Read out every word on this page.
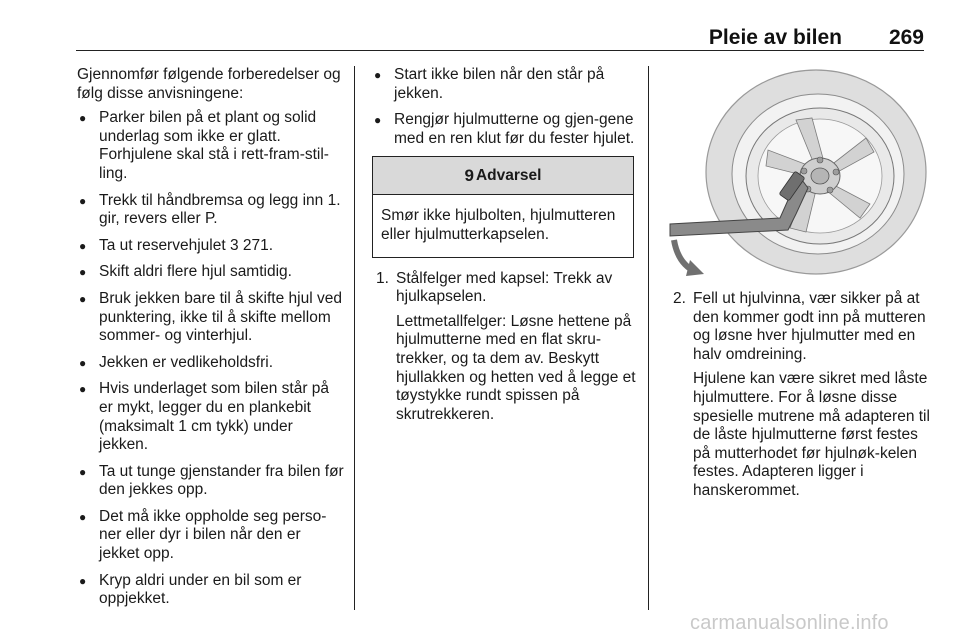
Pleie av bilen 269

Gjennomfør følgende forberedelser og følg disse anvisningene:

● Parker bilen på et plant og solid underlag som ikke er glatt. Forhjulene skal stå i rett-fram-stil-ling.
● Trekk til håndbremsa og legg inn 1. gir, revers eller P.
● Ta ut reservehjulet 3 271.
● Skift aldri flere hjul samtidig.
● Bruk jekken bare til å skifte hjul ved punktering, ikke til å skifte mellom sommer- og vinterhjul.
● Jekken er vedlikeholdsfri.
● Hvis underlaget som bilen står på er mykt, legger du en plankebit (maksimalt 1 cm tykk) under jekken.
● Ta ut tunge gjenstander fra bilen før den jekkes opp.
● Det må ikke oppholde seg perso-ner eller dyr i bilen når den er jekket opp.
● Kryp aldri under en bil som er oppjekket.
● Start ikke bilen når den står på jekken.
● Rengjør hjulmutterne og gjen-gene med en ren klut før du fester hjulet.
9 Advarsel
Smør ikke hjulbolten, hjulmutteren eller hjulmutterkapselen.
1. Stålfelger med kapsel: Trekk av hjulkapselen.

Lettmetallfelger: Løsne hettene på hjulmutterne med en flat skru-trekker, og ta dem av. Beskytt hjullakken og hetten ved å legge et tøystykke rundt spissen på skrutrekkeren.

2. Fell ut hjulvinna, vær sikker på at den kommer godt inn på mutteren og løsne hver hjulmutter med en halv omdreining.

Hjulene kan være sikret med låste hjulmuttere. For å løsne disse spesielle mutrene må adapteren til de låste hjulmutterne først festes på mutterhodet før hjulnøk-kelen festes. Adapteren ligger i hanskerommet.

carmanualsonline.info
